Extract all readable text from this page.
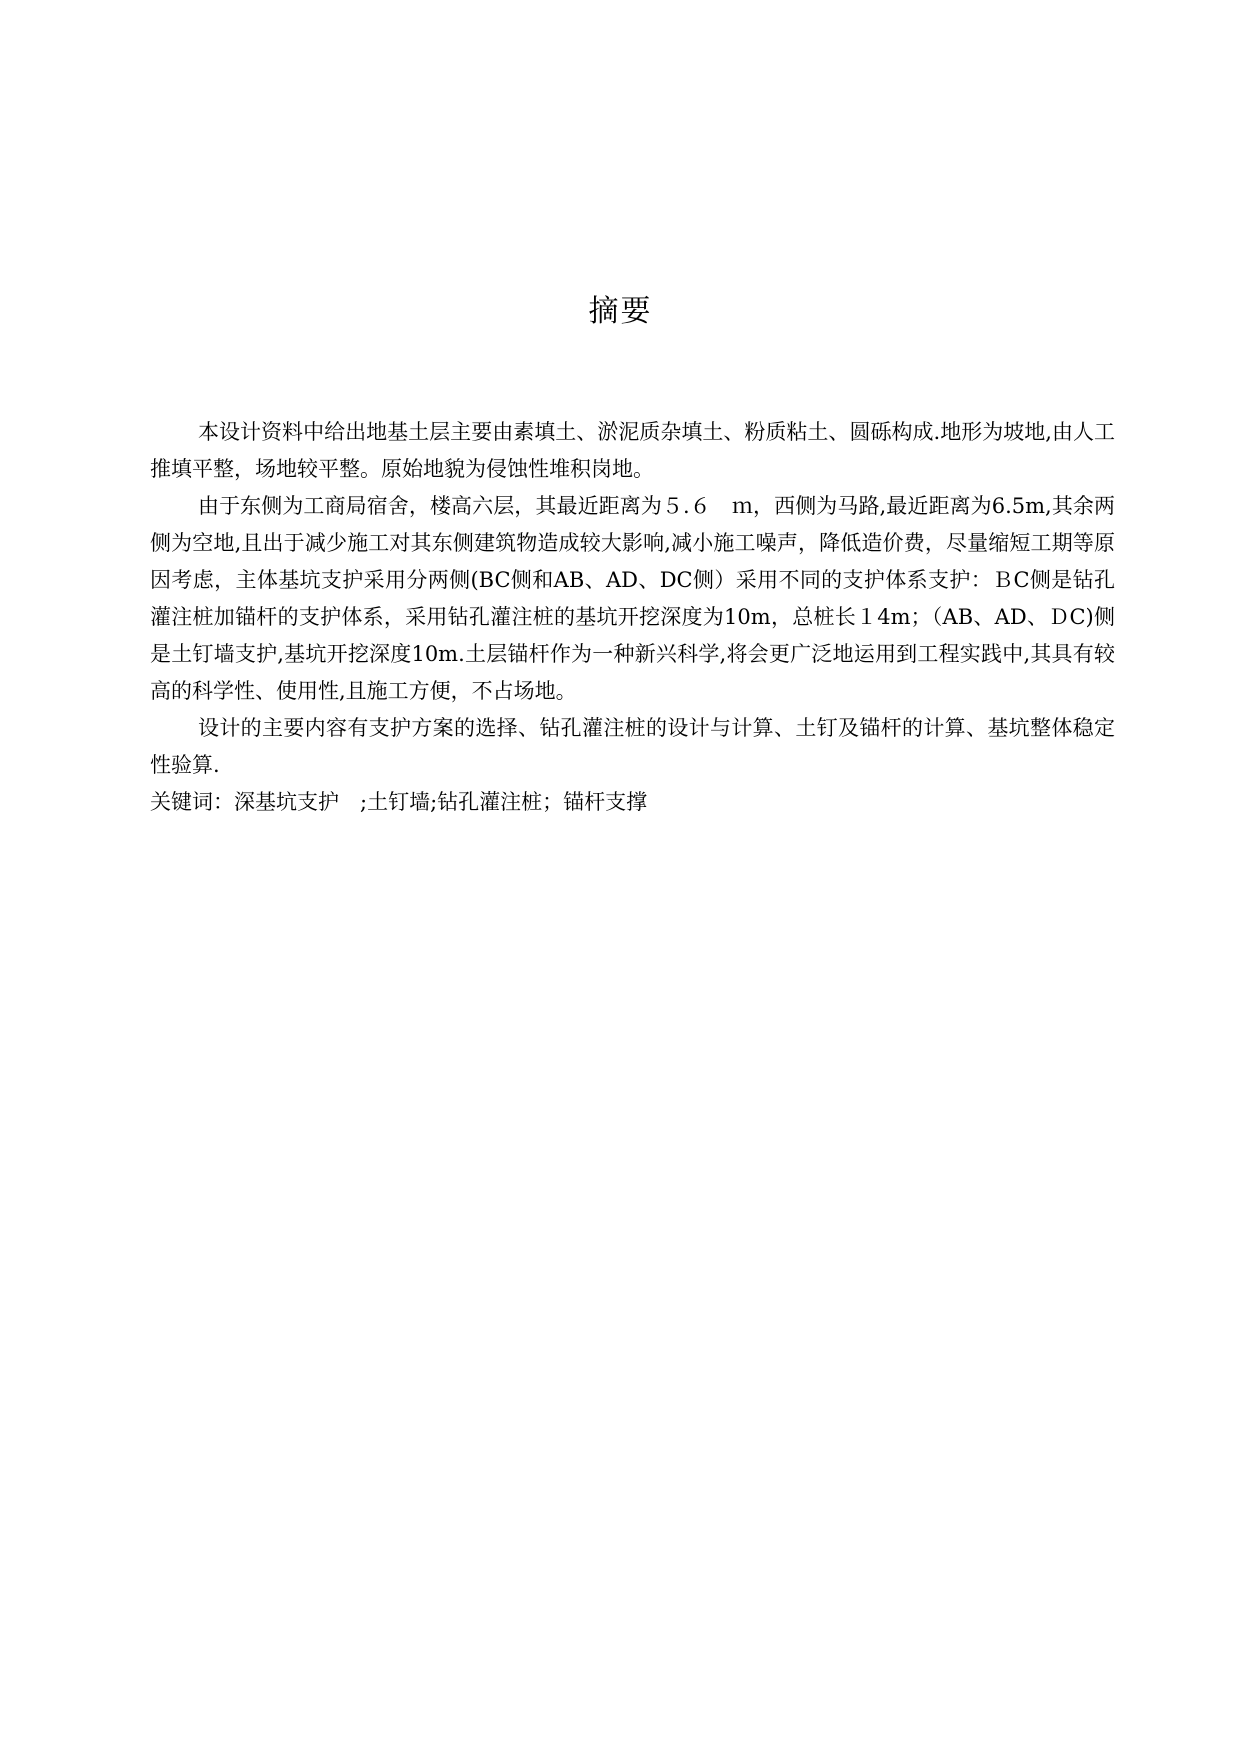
摘要

本设计资料中给出地基土层主要由素填土、淤泥质杂填土、粉质粘土、圆砾构成.地形为坡地,由人工推填平整，场地较平整。原始地貌为侵蚀性堆积岗地。

由于东侧为工商局宿舍，楼高六层，其最近距离为５.６　ｍ，西侧为马路,最近距离为6.5m,其余两侧为空地,且出于减少施工对其东侧建筑物造成较大影响,减小施工噪声，降低造价费，尽量缩短工期等原因考虑，主体基坑支护采用分两侧(BC侧和AB、AD、DC侧）采用不同的支护体系支护：ＢC侧是钻孔灌注桩加锚杆的支护体系，采用钻孔灌注桩的基坑开挖深度为10m，总桩长１4m；（AB、AD、ＤC)侧是土钉墙支护,基坑开挖深度10m.土层锚杆作为一种新兴科学,将会更广泛地运用到工程实践中,其具有较高的科学性、使用性,且施工方便，不占场地。

设计的主要内容有支护方案的选择、钻孔灌注桩的设计与计算、土钉及锚杆的计算、基坑整体稳定性验算.

关键词：深基坑支护　;土钉墙;钻孔灌注桩；锚杆支撑
